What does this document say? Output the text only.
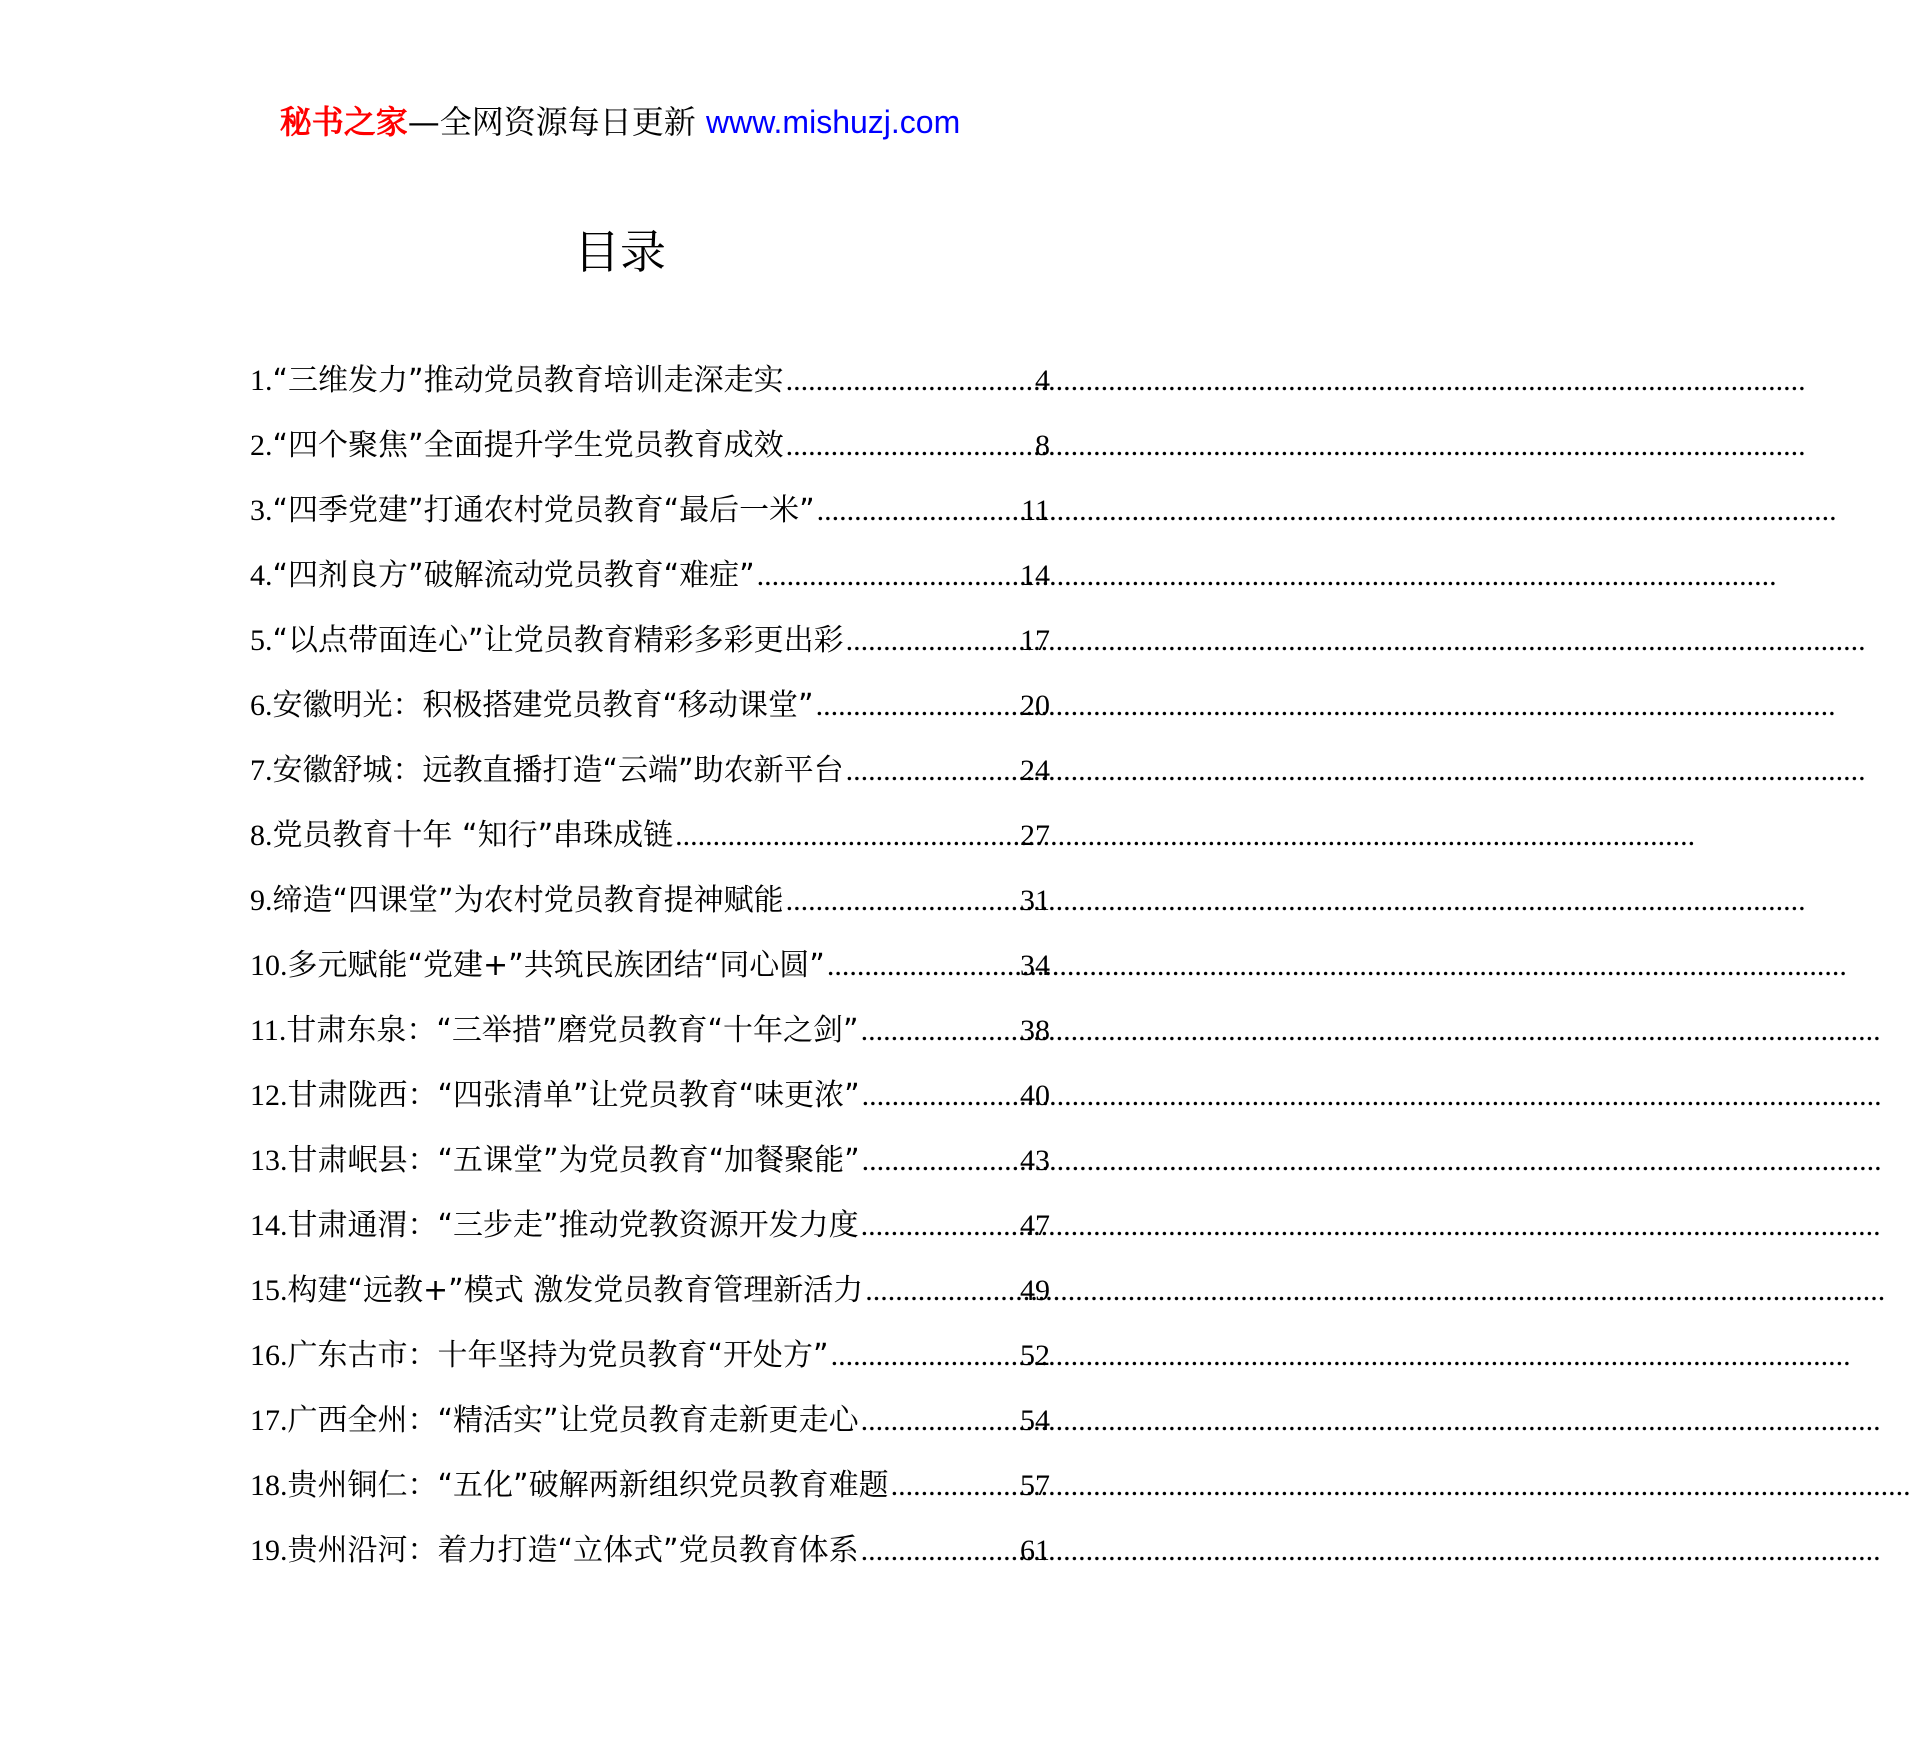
秘书之家—全网资源每日更新 www.mishuzj.com
目录
1. “三维发力”推动党员教育培训走深走实 .....	4
2. “四个聚焦”全面提升学生党员教育成效 .....	8
3. “四季党建”打通农村党员教育“最后一米” .....	11
4. “四剂良方”破解流动党员教育“难症” .....	14
5. “以点带面连心”让党员教育精彩多彩更出彩 .....	17
6. 安徽明光：积极搭建党员教育“移动课堂” .....	20
7. 安徽舒城：远教直播打造“云端”助农新平台 .....	24
8. 党员教育十年 “知行”串珠成链 .....	27
9. 缔造“四课堂”为农村党员教育提神赋能 .....	31
10. 多元赋能“党建+”共筑民族团结“同心圆” .....	34
11. 甘肃东泉：“三举措”磨党员教育“十年之剑” .....	38
12. 甘肃陇西：“四张清单”让党员教育“味更浓” .....	40
13. 甘肃岷县：“五课堂”为党员教育“加餐聚能” .....	43
14. 甘肃通渭：“三步走”推动党教资源开发力度 .....	47
15. 构建“远教+”模式 激发党员教育管理新活力 .....	49
16. 广东古市：十年坚持为党员教育“开处方” .....	52
17. 广西全州：“精活实”让党员教育走新更走心 .....	54
18. 贵州铜仁：“五化”破解两新组织党员教育难题 .....	57
19. 贵州沿河：着力打造“立体式”党员教育体系 .....	61
